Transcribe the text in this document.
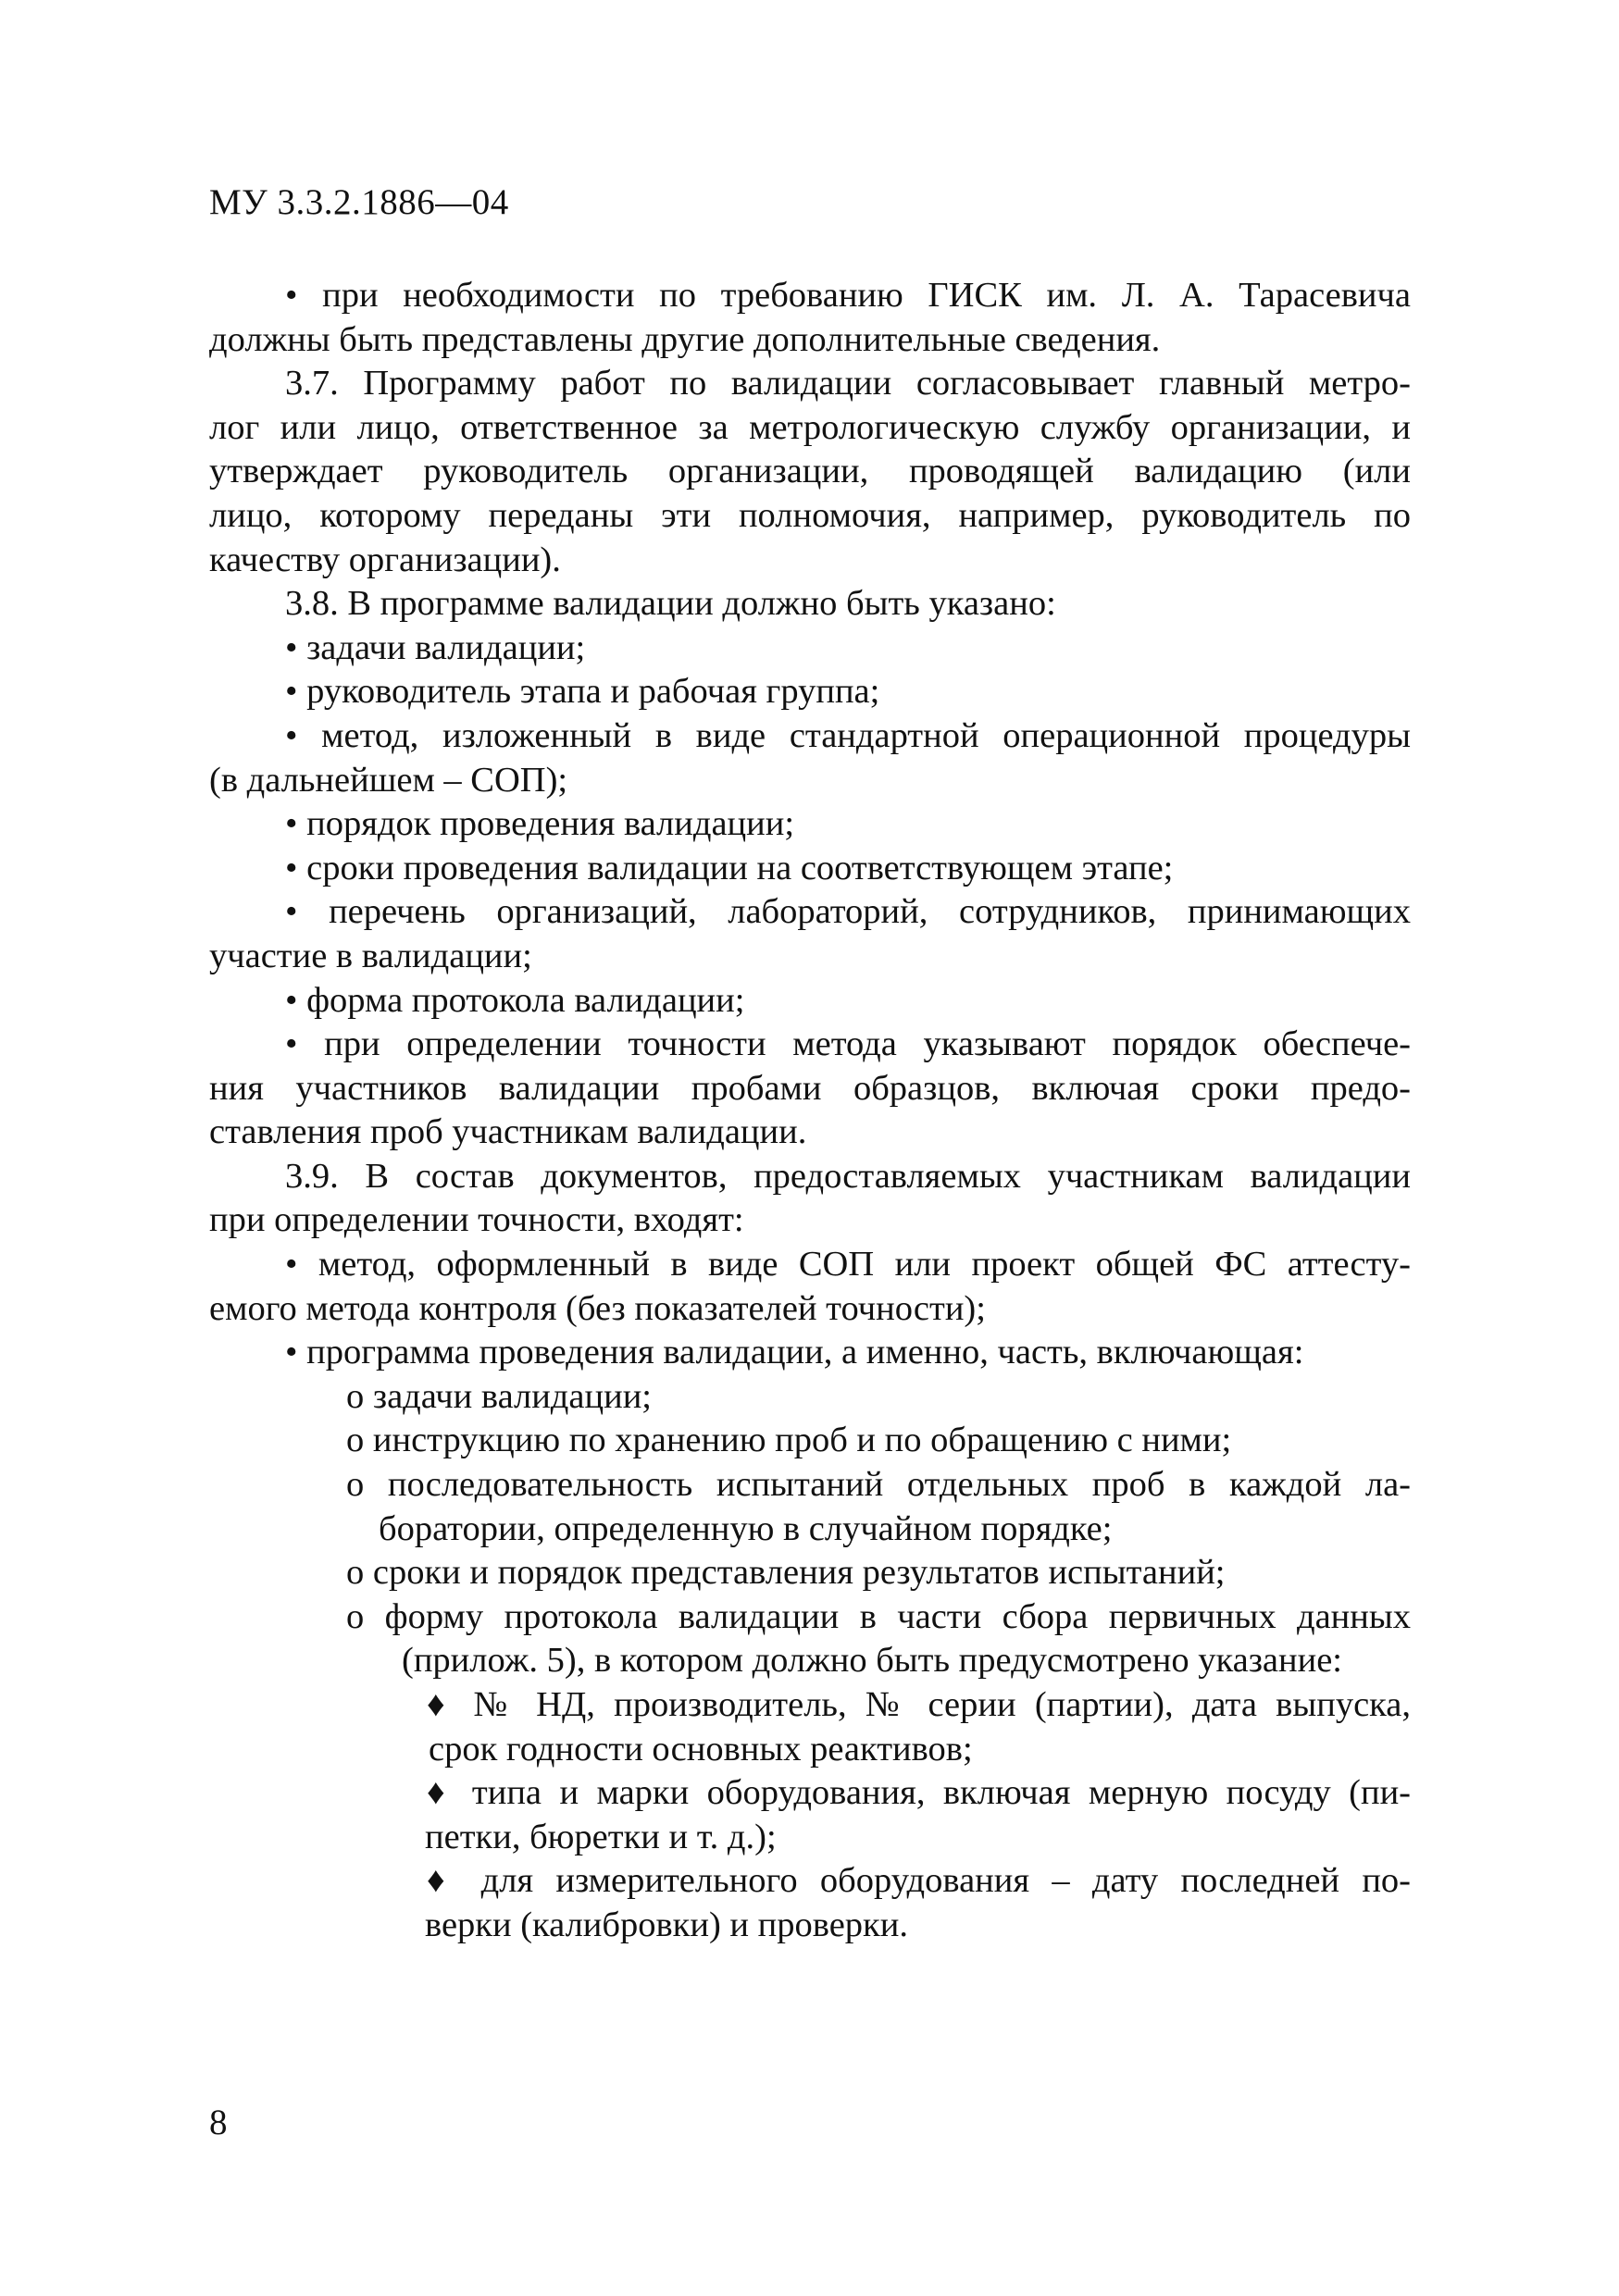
МУ 3.3.2.1886—04
• при необходимости по требованию ГИСК им. Л. А. Тарасевича
должны быть представлены другие дополнительные сведения.
3.7. Программу работ по валидации согласовывает главный метро-
лог или лицо, ответственное за метрологическую службу организации, и
утверждает руководитель организации, проводящей валидацию (или
лицо, которому переданы эти полномочия, например, руководитель по
качеству организации).
3.8. В программе валидации должно быть указано:
• задачи валидации;
• руководитель этапа и рабочая группа;
• метод, изложенный в виде стандартной операционной процедуры
(в дальнейшем – СОП);
• порядок проведения валидации;
• сроки проведения валидации на соответствующем этапе;
• перечень организаций, лабораторий, сотрудников, принимающих
участие в валидации;
• форма протокола валидации;
• при определении точности метода указывают порядок обеспече-
ния участников валидации пробами образцов, включая сроки предо-
ставления проб участникам валидации.
3.9. В состав документов, предоставляемых участникам валидации
при определении точности, входят:
• метод, оформленный в виде СОП или проект общей ФС аттесту-
емого метода контроля (без показателей точности);
• программа проведения валидации, а именно, часть, включающая:
o задачи валидации;
o инструкцию по хранению проб и по обращению с ними;
o последовательность испытаний отдельных проб в каждой ла-
боратории, определенную в случайном порядке;
o сроки и порядок представления результатов испытаний;
o форму протокола валидации в части сбора первичных данных
(прилож. 5), в котором должно быть предусмотрено указание:
♦ № НД, производитель, № серии (партии), дата выпуска,
срок годности основных реактивов;
♦ типа и марки оборудования, включая мерную посуду (пи-
петки, бюретки и т. д.);
♦ для измерительного оборудования – дату последней по-
верки (калибровки) и проверки.
8
